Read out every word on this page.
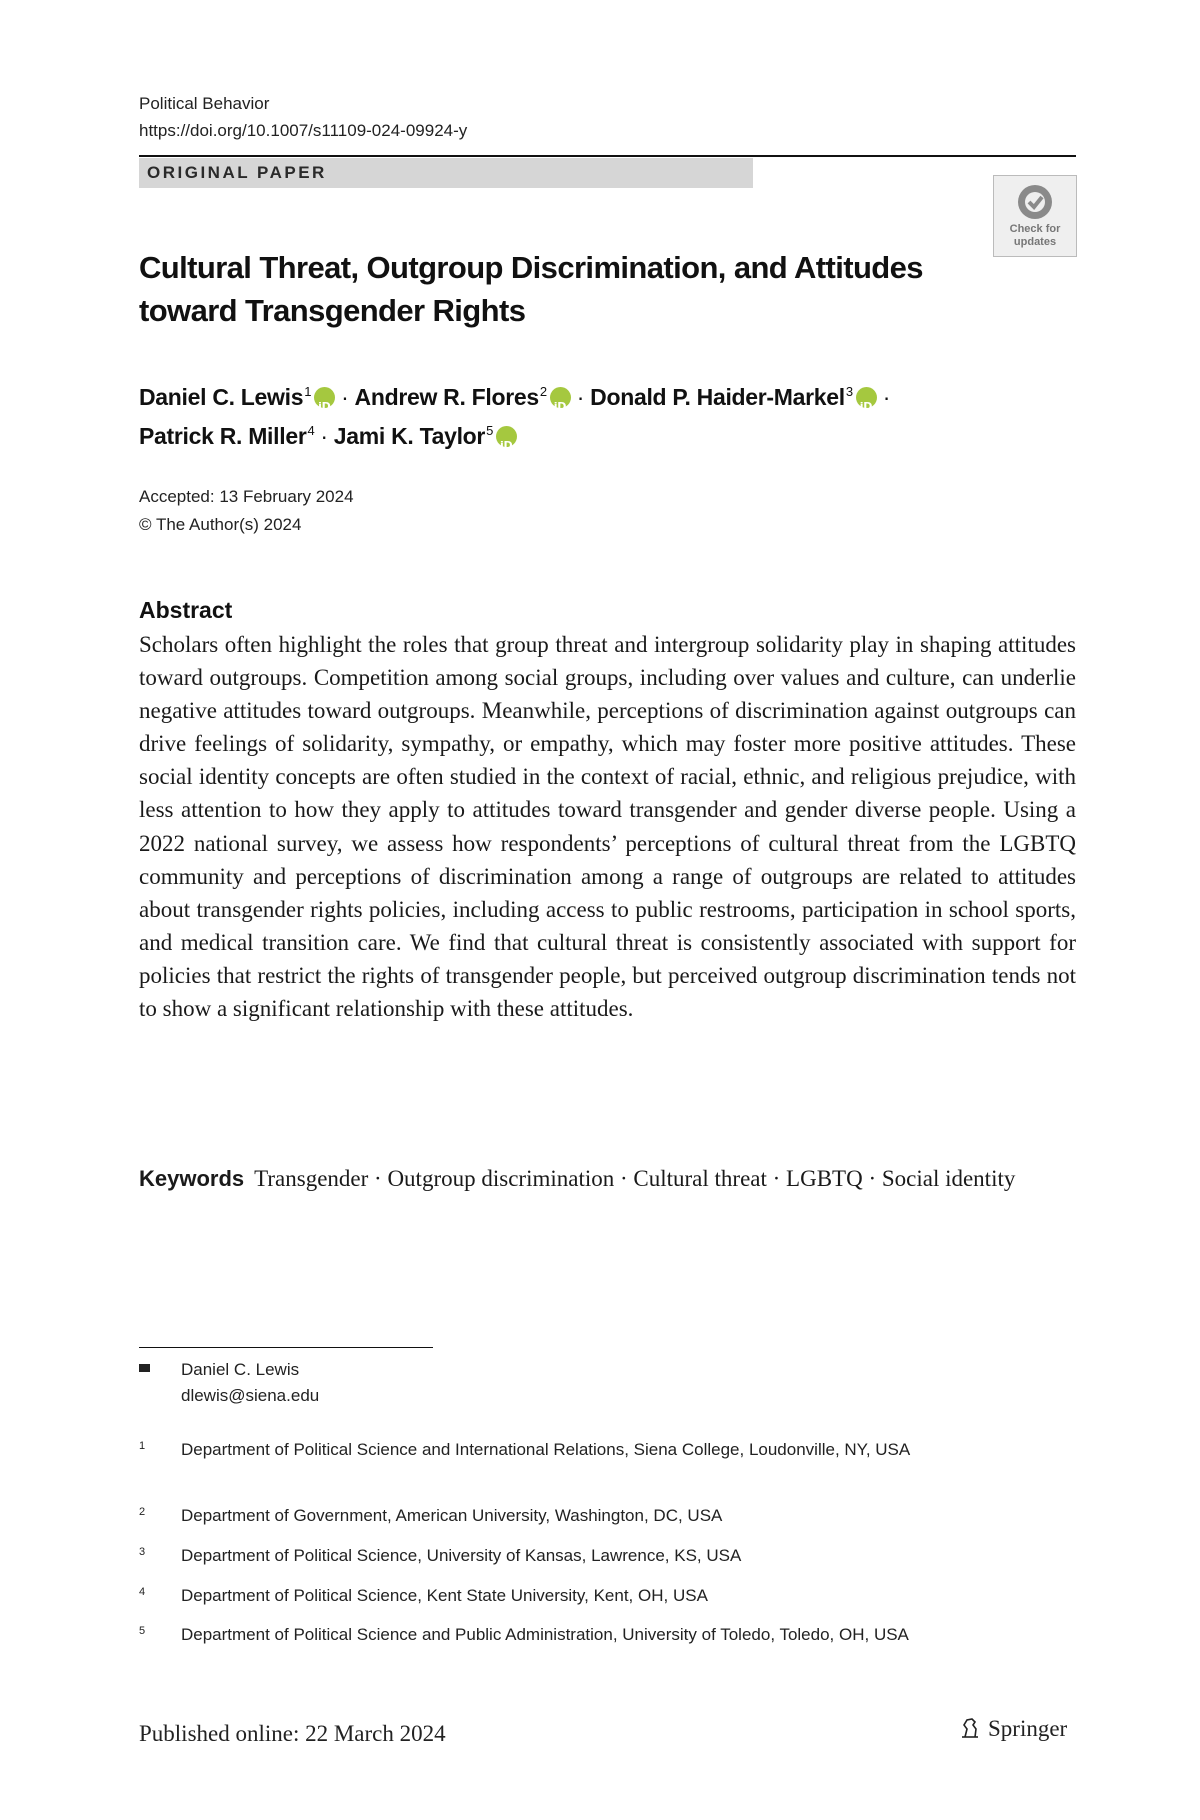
Political Behavior
https://doi.org/10.1007/s11109-024-09924-y
ORIGINAL PAPER
Check for updates
Cultural Threat, Outgroup Discrimination, and Attitudes
toward Transgender Rights
Daniel C. Lewis$^1$ iD · Andrew R. Flores$^2$ iD · Donald P. Haider-Markel$^3$ iD ·
Patrick R. Miller$^4$ · Jami K. Taylor$^5$iD
Accepted: 13 February 2024
© The Author(s) 2024
Abstract
Scholars often highlight the roles that group threat and intergroup solidarity play in shaping attitudes toward outgroups. Competition among social groups, including over values and culture, can underlie negative attitudes toward outgroups. Meanwhile, perceptions of discrimination against outgroups can drive feelings of solidarity, sympathy, or empathy, which may foster more positive attitudes. These social identity concepts are often studied in the context of racial, ethnic, and religious prejudice, with less attention to how they apply to attitudes toward transgender and gender diverse people. Using a 2022 national survey, we assess how respondents’ perceptions of cultural threat from the LGBTQ community and perceptions of discrimination among a range of outgroups are related to attitudes about transgender rights policies, including access to public restrooms, participation in school sports, and medical transition care. We find that cultural threat is consistently associated with support for policies that restrict the rights of transgender people, but perceived outgroup discrimination tends not to show a significant relationship with these attitudes.
Keywords Transgender · Outgroup discrimination · Cultural threat · LGBTQ · Social identity
Daniel C. Lewis
dlewis@siena.edu
1 Department of Political Science and International Relations, Siena College, Loudonville, NY, USA
2 Department of Government, American University, Washington, DC, USA
3 Department of Political Science, University of Kansas, Lawrence, KS, USA
4 Department of Political Science, Kent State University, Kent, OH, USA
5 Department of Political Science and Public Administration, University of Toledo, Toledo, OH, USA
Published online: 22 March 2024	Springer
